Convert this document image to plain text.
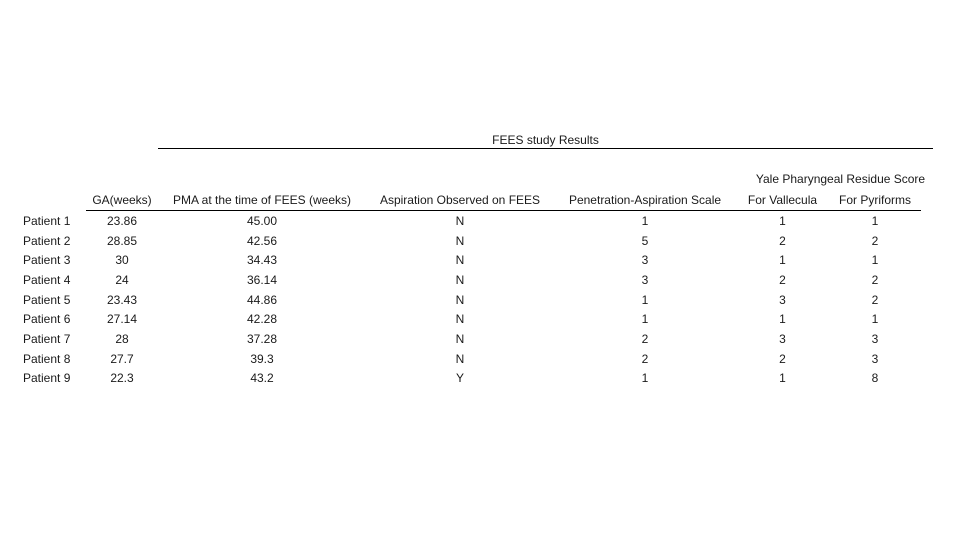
FEES study Results
Yale Pharyngeal Residue Score
	GA(weeks)	PMA at the time of FEES (weeks)	Aspiration Observed on FEES	Penetration-Aspiration Scale	For Vallecula	For Pyriforms
Patient 1	23.86	45.00	N	1	1	1
Patient 2	28.85	42.56	N	5	2	2
Patient 3	30	34.43	N	3	1	1
Patient 4	24	36.14	N	3	2	2
Patient 5	23.43	44.86	N	1	3	2
Patient 6	27.14	42.28	N	1	1	1
Patient 7	28	37.28	N	2	3	3
Patient 8	27.7	39.3	N	2	2	3
Patient 9	22.3	43.2	Y	1	1	8
